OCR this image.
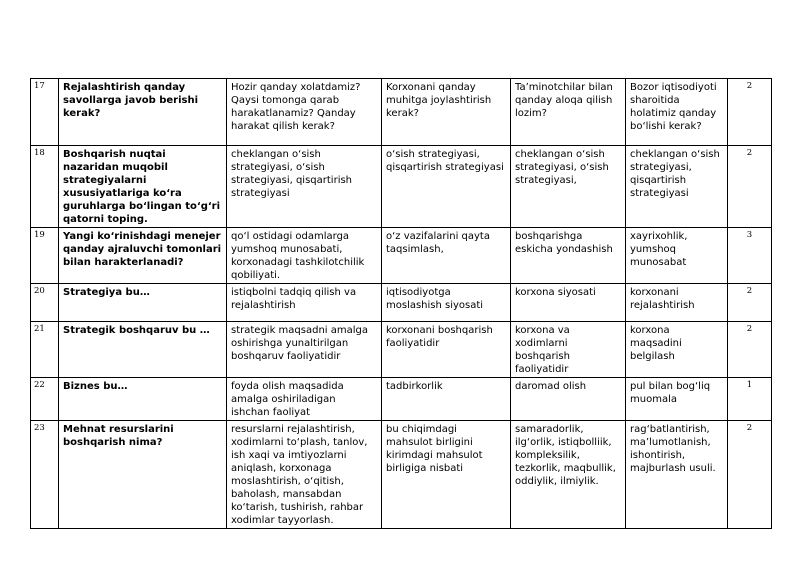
17	Rejalashtirish qanday savollarga javob berishi kerak?	Hozir qanday xolatdamiz? Qaysi tomonga qarab harakatlanamiz? Qanday harakat qilish kerak?	Korxonani qanday muhitga joylashtirish kerak?	Ta’minotchilar bilan qanday aloqa qilish lozim?	Bozor iqtisodiyoti sharoitida holatimiz qanday bo‘lishi kerak?	2
18	Boshqarish nuqtai nazaridan muqobil strategiyalarni xususiyatlariga ko‘ra guruhlarga bo‘lingan to‘g‘ri qatorni toping.	cheklangan o‘sish strategiyasi, o‘sish strategiyasi, qisqartirish strategiyasi	o‘sish strategiyasi, qisqartirish strategiyasi	cheklangan o‘sish strategiyasi, o‘sish strategiyasi,	cheklangan o‘sish strategiyasi, qisqartirish strategiyasi	2
19	Yangi ko‘rinishdagi menejer qanday ajraluvchi tomonlari bilan harakterlanadi?	qo‘l ostidagi odamlarga yumshoq munosabati, korxonadagi tashkilotchilik qobiliyati.	o‘z vazifalarini qayta taqsimlash,	boshqarishga eskicha yondashish	xayrixohlik, yumshoq munosabat	3
20	Strategiya bu…	istiqbolni tadqiq qilish va rejalashtirish	iqtisodiyotga moslashish siyosati	korxona siyosati	korxonani rejalashtirish	2
21	Strategik boshqaruv bu …	strategik maqsadni amalga oshirishga yunaltirilgan boshqaruv faoliyatidir	korxonani boshqarish faoliyatidir	korxona va xodimlarni boshqarish faoliyatidir	korxona maqsadini belgilash	2
22	Biznes bu…	foyda olish maqsadida amalga oshiriladigan ishchan faoliyat	tadbirkorlik	daromad olish	pul bilan bog‘liq muomala	1
23	Mehnat resurslarini boshqarish nima?	resurslarni rejalashtirish, xodimlarni to‘plash, tanlov, ish xaqi va imtiyozlarni aniqlash, korxonaga moslashtirish, o‘qitish, baholash, mansabdan ko‘tarish, tushirish, rahbar xodimlar tayyorlash.	bu chiqimdagi mahsulot birligini kirimdagi mahsulot birligiga nisbati	samaradorlik, ilg‘orlik, istiqbolliik, kompleksilik, tezkorlik, maqbullik, oddiylik, ilmiylik.	rag‘batlantirish, ma’lumotlanish, ishontirish, majburlash usuli.	2
